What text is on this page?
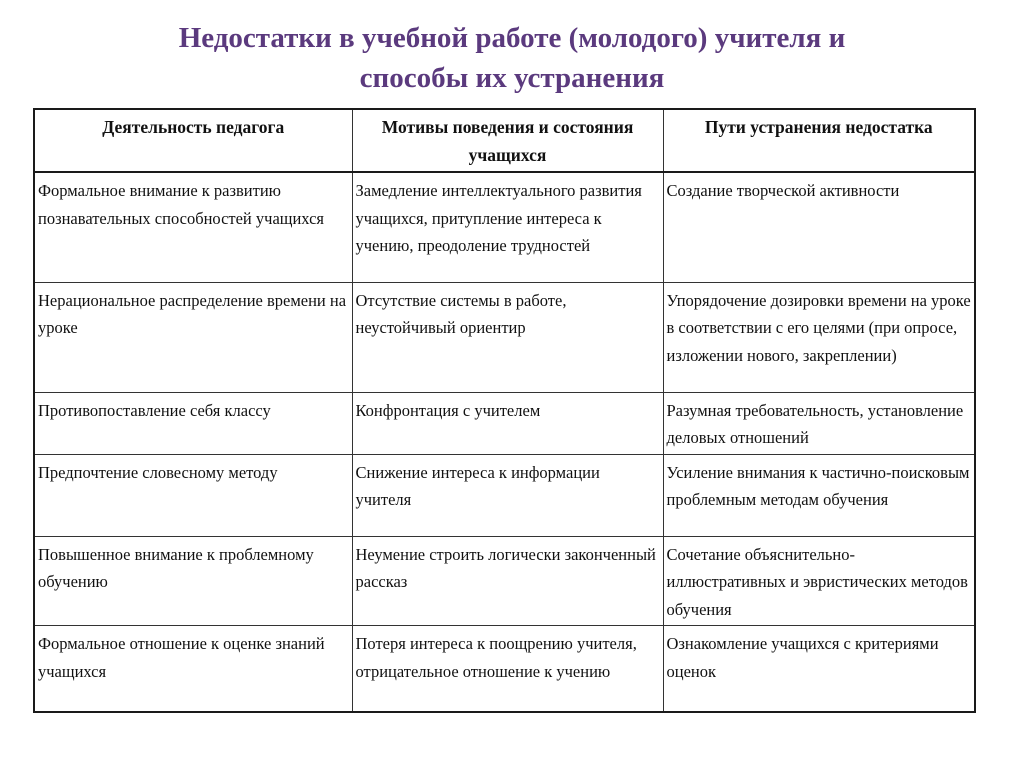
Недостатки в учебной работе (молодого) учителя и
способы их устранения
Деятельность педагога	Мотивы поведения и состояния учащихся	Пути устранения недостатка
Формальное внимание к развитию познавательных способностей учащихся	Замедление интеллектуального развития учащихся, притупление интереса к учению, преодоление трудностей	Создание творческой активности
Нерациональное распределение времени на уроке	Отсутствие системы в работе, неустойчивый ориентир	Упорядочение дозировки времени на уроке в соответствии с его целями (при опросе, изложении нового, закреплении)
Противопоставление себя классу	Конфронтация с учителем	Разумная требовательность, установление деловых отношений
Предпочтение словесному методу	Снижение интереса к информации учителя	Усиление внимания к частично-поисковым проблемным методам обучения
Повышенное внимание к проблемному обучению	Неумение строить логически законченный рассказ	Сочетание объяснительно-иллюстративных и эвристических методов обучения
Формальное отношение к оценке знаний учащихся	Потеря интереса к поощрению учителя, отрицательное отношение к учению	Ознакомление учащихся с критериями оценок
